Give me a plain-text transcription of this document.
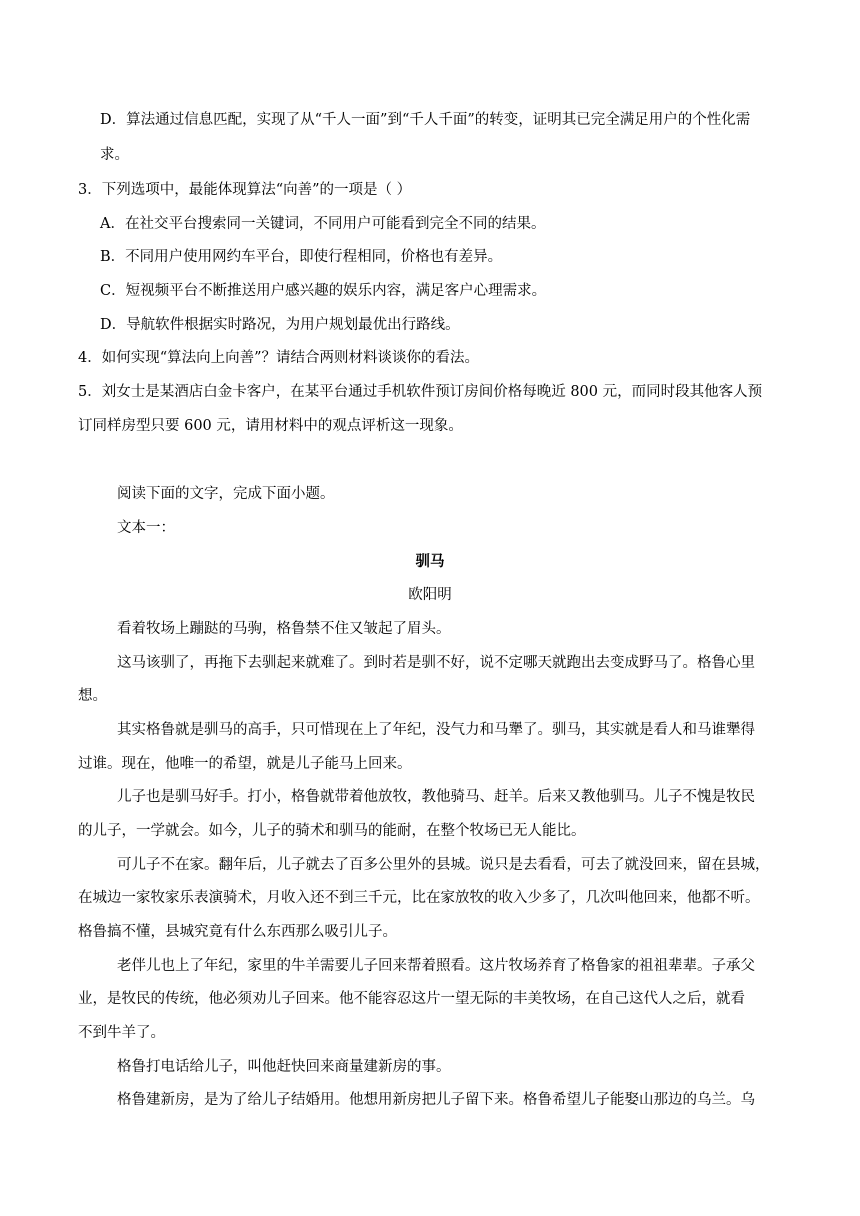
D．算法通过信息匹配，实现了从“千人一面”到“千人千面”的转变，证明其已完全满足用户的个性化需
求。
3．下列选项中，最能体现算法“向善”的一项是（ ）
A．在社交平台搜索同一关键词，不同用户可能看到完全不同的结果。
B．不同用户使用网约车平台，即使行程相同，价格也有差异。
C．短视频平台不断推送用户感兴趣的娱乐内容，满足客户心理需求。
D．导航软件根据实时路况，为用户规划最优出行路线。
4．如何实现“算法向上向善”？请结合两则材料谈谈你的看法。
5．刘女士是某酒店白金卡客户，在某平台通过手机软件预订房间价格每晚近 800 元，而同时段其他客人预
订同样房型只要 600 元，请用材料中的观点评析这一现象。
阅读下面的文字，完成下面小题。
文本一：
驯马
欧阳明
看着牧场上蹦跶的马驹，格鲁禁不住又皱起了眉头。
这马该驯了，再拖下去驯起来就难了。到时若是驯不好，说不定哪天就跑出去变成野马了。格鲁心里
想。
其实格鲁就是驯马的高手，只可惜现在上了年纪，没气力和马犟了。驯马，其实就是看人和马谁犟得
过谁。现在，他唯一的希望，就是儿子能马上回来。
儿子也是驯马好手。打小，格鲁就带着他放牧，教他骑马、赶羊。后来又教他驯马。儿子不愧是牧民
的儿子，一学就会。如今，儿子的骑术和驯马的能耐，在整个牧场已无人能比。
可儿子不在家。翻年后，儿子就去了百多公里外的县城。说只是去看看，可去了就没回来，留在县城，
在城边一家牧家乐表演骑术，月收入还不到三千元，比在家放牧的收入少多了，几次叫他回来，他都不听。
格鲁搞不懂，县城究竟有什么东西那么吸引儿子。
老伴儿也上了年纪，家里的牛羊需要儿子回来帮着照看。这片牧场养育了格鲁家的祖祖辈辈。子承父
业，是牧民的传统，他必须劝儿子回来。他不能容忍这片一望无际的丰美牧场，在自己这代人之后，就看
不到牛羊了。
格鲁打电话给儿子，叫他赶快回来商量建新房的事。
格鲁建新房，是为了给儿子结婚用。他想用新房把儿子留下来。格鲁希望儿子能娶山那边的乌兰。乌
